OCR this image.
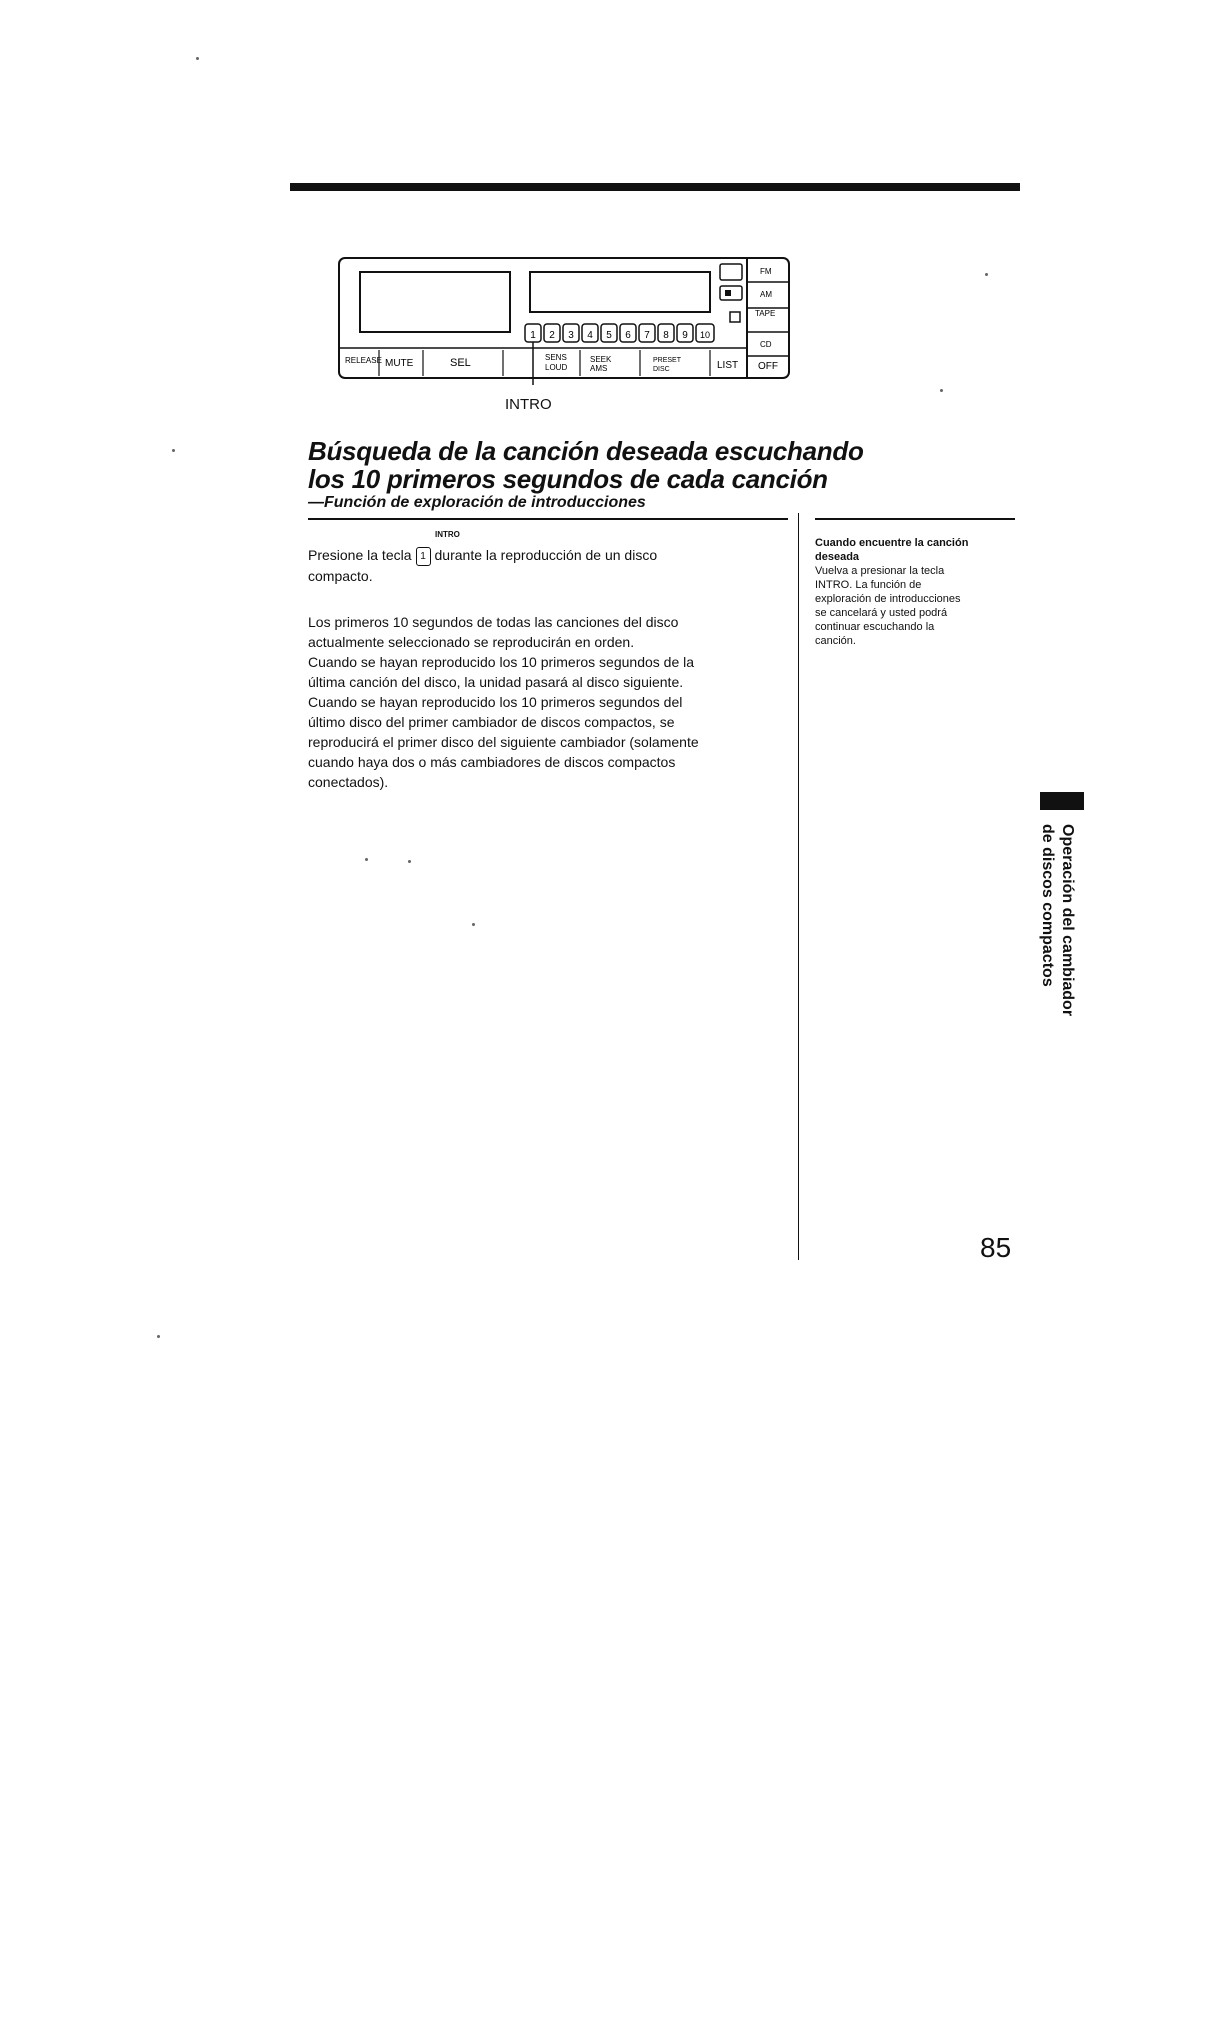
1 2 3 4 5 6 7 8 9 10
RELEASE MUTE	SEL	SENS
LOUD
SEEK
AMS
PRESET
DISC	LIST
FM
AM
TAPE
CD
OFF
INTRO
Búsqueda de la canción deseada escuchando
los 10 primeros segundos de cada canción
—Función de exploración de introducciones
INTRO
Presione la tecla 1 durante la reproducción de un disco
compacto.
Los primeros 10 segundos de todas las canciones del disco
actualmente seleccionado se reproducirán en orden.
Cuando se hayan reproducido los 10 primeros segundos de la
última canción del disco, la unidad pasará al disco siguiente.
Cuando se hayan reproducido los 10 primeros segundos del
último disco del primer cambiador de discos compactos, se
reproducirá el primer disco del siguiente cambiador (solamente
cuando haya dos o más cambiadores de discos compactos
conectados).

Cuando encuentre la canción
deseada

Vuelva a presionar la tecla
INTRO. La función de
exploración de introducciones
se cancelará y usted podrá
continuar escuchando la
canción.

Operación del cambiador
de discos compactos
85
